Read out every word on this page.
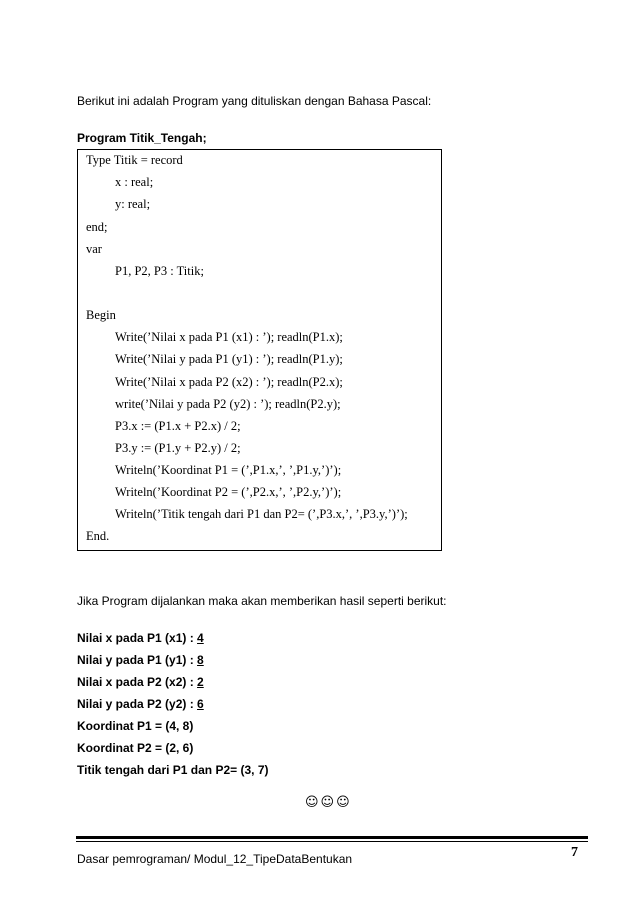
Berikut ini adalah Program yang dituliskan dengan Bahasa Pascal:
Program Titik_Tengah;
Type Titik = record
x : real;
y: real;
end;
var
P1, P2, P3 : Titik;
Begin
Write(’Nilai x pada P1 (x1) : ’); readln(P1.x);
Write(’Nilai y pada P1 (y1) : ’); readln(P1.y);
Write(’Nilai x pada P2 (x2) : ’); readln(P2.x);
write(’Nilai y pada P2 (y2) : ’); readln(P2.y);
P3.x := (P1.x + P2.x) / 2;
P3.y := (P1.y + P2.y) / 2;
Writeln(’Koordinat P1 = (’,P1.x,’, ’,P1.y,’)’);
Writeln(’Koordinat P2 = (’,P2.x,’, ’,P2.y,’)’);
Writeln(’Titik tengah dari P1 dan P2= (’,P3.x,’, ’,P3.y,’)’);
End.
Jika Program dijalankan maka akan memberikan hasil seperti berikut:
Nilai x pada P1 (x1) : 4
Nilai y pada P1 (y1) : 8
Nilai x pada P2 (x2) : 2
Nilai y pada P2 (y2) : 6
Koordinat P1 = (4, 8)
Koordinat P2 = (2, 6)
Titik tengah dari P1 dan P2= (3, 7)
☺☺☺
Dasar pemrograman/ Modul_12_TipeDataBentukan	7
